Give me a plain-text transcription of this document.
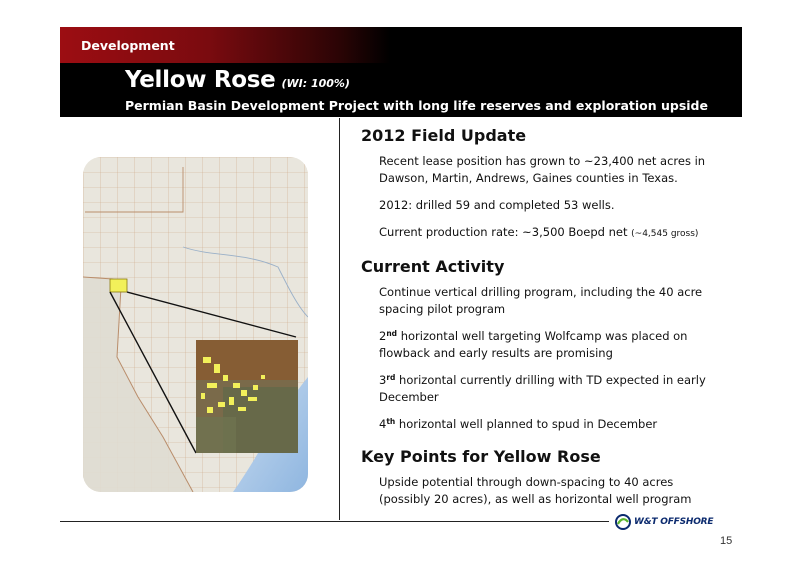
Development
Yellow Rose (WI: 100%)
Permian Basin Development Project with long life reserves and exploration upside
2012 Field Update
Recent lease position has grown to ~23,400 net acres in
Dawson, Martin, Andrews, Gaines counties in Texas.
2012: drilled 59 and completed 53 wells.
Current production rate: ~3,500 Boepd net (~4,545 gross)
Current Activity
Continue vertical drilling program, including the 40 acre
spacing pilot program
2nd horizontal well targeting Wolfcamp was placed on
flowback and early results are promising
3rd horizontal currently drilling with TD expected in early
December
4th horizontal well planned to spud in December
Key Points for Yellow Rose
Upside potential through down-spacing to 40 acres
(possibly 20 acres), as well as horizontal well program
W&T OFFSHORE
15
